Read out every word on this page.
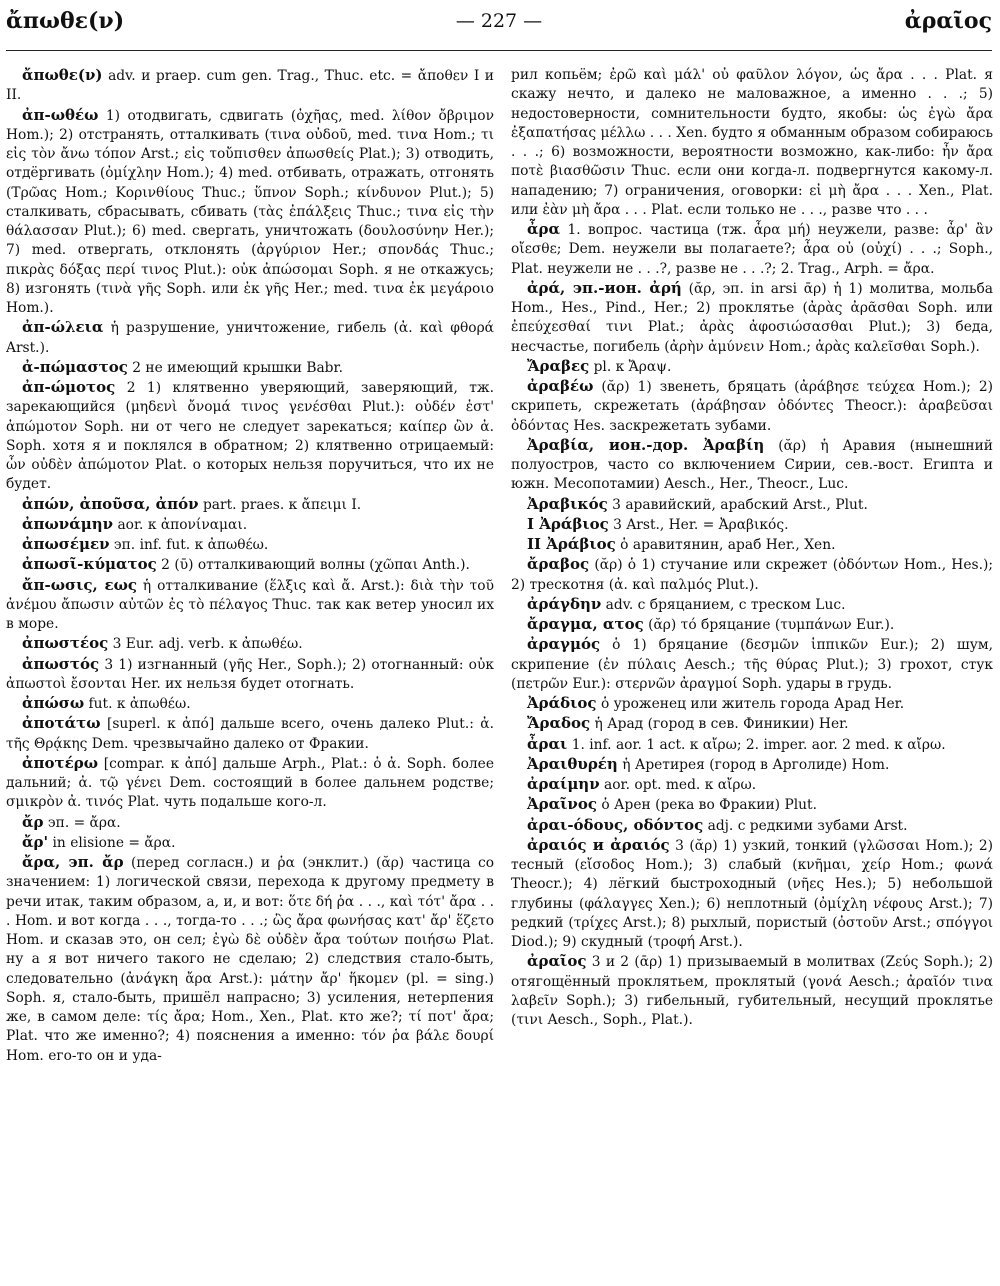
ἄπωθε(ν)	— 227 —	ἀραῖος

ἄπωθε(ν) adv. и praep. cum gen. Trag., Thuc. etc. = ἄποθεν I и II.

ἀπ-ωθέω 1) отодвигать, сдвигать (ὀχῆας, med. λίθον ὄβριμον Hom.); 2) отстранять, отталкивать (τινα οὐδοῦ, med. τινα Hom.; τι εἰς τὸν ἄνω τόπον Arst.; εἰς τοὔπισθεν ἀπωσθείς Plat.); 3) отводить, отдёргивать (ὀμίχλην Hom.); 4) med. отбивать, отражать, отгонять (Τρῶας Hom.; Κορινθίους Thuc.; ὕπνον Soph.; κίνδυνον Plut.); 5) сталкивать, сбрасывать, сбивать (τὰς ἐπάλξεις Thuc.; τινα εἰς τὴν θάλασσαν Plut.); 6) med. свергать, уничтожать (δουλοσύνην Her.); 7) med. отвергать, отклонять (ἀργύριον Her.; σπονδάς Thuc.; πικρὰς δόξας περί τινος Plut.): οὐκ ἀπώσομαι Soph. я не откажусь; 8) изгонять (τινὰ γῆς Soph. или ἐκ γῆς Her.; med. τινα ἐκ μεγάροιο Hom.).

ἀπ-ώλεια ἡ разрушение, уничтожение, гибель (ἀ. καὶ φθορά Arst.).

ἀ-πώμαστος 2 не имеющий крышки Babr.

ἀπ-ώμοτος 2 1) клятвенно уверяющий, заверяющий, тж. зарекающийся (μηδενὶ ὄνομά τινος γενέσθαι Plut.): οὐδέν ἐστ' ἀπώμοτον Soph. ни от чего не следует зарекаться; καίπερ ὢν ἀ. Soph. хотя я и поклялся в обратном; 2) клятвенно отрицаемый: ὧν οὐδὲν ἀπώμοτον Plat. о которых нельзя поручиться, что их не будет.

ἀπών, ἀποῦσα, ἀπόν part. praes. к ἄπειμι I.

ἀπωνάμην aor. к ἀπονίναμαι.

ἀπωσέμεν эп. inf. fut. к ἀπωθέω.

ἀπωσῖ-κύματος 2 (ῡ) отталкивающий волны (χῶπαι Anth.).

ἄπ-ωσις, εως ἡ отталкивание (ἕλξις καὶ ἄ. Arst.): διὰ τὴν τοῦ ἀνέμου ἄπωσιν αὐτῶν ἐς τὸ πέλαγος Thuc. так как ветер уносил их в море.

ἀπωστέος 3 Eur. adj. verb. к ἀπωθέω.

ἀπωστός 3 1) изгнанный (γῆς Her., Soph.); 2) отогнанный: οὐκ ἀπωστοὶ ἔσονται Her. их нельзя будет отогнать.

ἀπώσω fut. к ἀπωθέω.

ἀποτάτω [superl. к ἀπό] дальше всего, очень далеко Plut.: ἀ. τῆς Θρᾴκης Dem. чрезвычайно далеко от Фракии.

ἀποτέρω [compar. к ἀπό] дальше Arph., Plat.: ὁ ἀ. Soph. более дальний; ἀ. τῷ γένει Dem. состоящий в более дальнем родстве; σμικρὸν ἀ. τινός Plat. чуть подальше кого-л.

ἄρ эп. = ἄρα.

ἄρ' in elisione = ἄρα.

ἄρα, эп. ἄρ (перед согласн.) и ῥα (энклит.) (ᾰρ) частица со значением: 1) логической связи, перехода к другому предмету в речи итак, таким образом, а, и, и вот: ὅτε δή ῥα . . ., καὶ τότ' ἄρα . . . Hom. и вот когда . . ., тогда-то . . .; ὣς ἄρα φωνήσας κατ' ἄρ' ἕζετο Hom. и сказав это, он сел; ἐγὼ δὲ οὐδὲν ἄρα τούτων ποιήσω Plat. ну а я вот ничего такого не сделаю; 2) следствия стало-быть, следовательно (ἀνάγκη ἄρα Arst.): μάτην ἄρ' ἥκομεν (pl. = sing.) Soph. я, стало-быть, пришёл напрасно; 3) усиления, нетерпения же, в самом деле: τίς ἄρα; Hom., Xen., Plat. кто же?; τί ποτ' ἄρα; Plat. что же именно?; 4) пояснения а именно: τόν ῥα βάλε δουρί Hom. его-то он и уда-

рил копьём; ἐρῶ καὶ μάλ' οὐ φαῦλον λόγον, ὡς ἄρα . . . Plat. я скажу нечто, и далеко не маловажное, а именно . . .; 5) недостоверности, сомнительности будто, якобы: ὡς ἐγὼ ἄρα ἐξαπατήσας μέλλω . . . Xen. будто я обманным образом собираюсь . . .; 6) возможности, вероятности возможно, как-либо: ἦν ἄρα ποτὲ βιασθῶσιν Thuc. если они когда-л. подвергнутся какому-л. нападению; 7) ограничения, оговорки: εἰ μὴ ἄρα . . . Xen., Plat. или ἐὰν μὴ ἄρα . . . Plat. если только не . . ., разве что . . .

ἆρα 1. вопрос. частица (тж. ἆρα μή) неужели, разве: ἆρ' ἂν οἴεσθε; Dem. неужели вы полагаете?; ἆρα οὐ (οὐχί) . . .; Soph., Plat. неужели не . . .?, разве не . . .?; 2. Trag., Arph. = ἄρα.

ἀρά, эп.-ион. ἀρή (ᾰρ, эп. in arsi ᾱρ) ἡ 1) молитва, мольба Hom., Hes., Pind., Her.; 2) проклятье (ἀρὰς ἀρᾶσθαι Soph. или ἐπεύχεσθαί τινι Plat.; ἀρὰς ἀφοσιώσασθαι Plut.); 3) беда, несчастье, погибель (ἀρὴν ἀμύνειν Hom.; ἀρὰς καλεῖσθαι Soph.).

Ἄραβες pl. к Ἄραψ.

ἀραβέω (ᾰρ) 1) звенеть, бряцать (ἀράβησε τεύχεα Hom.); 2) скрипеть, скрежетать (ἀράβησαν ὀδόντες Theocr.): ἀραβεῦσαι ὀδόντας Hes. заскрежетать зубами.

Ἀραβία, ион.-дор. Ἀραβίη (ᾰρ) ἡ Аравия (нынешний полуостров, часто со включением Сирии, сев.-вост. Египта и южн. Месопотамии) Aesch., Her., Theocr., Luc.

Ἀραβικός 3 аравийский, арабский Arst., Plut.

I Ἀράβιος 3 Arst., Her. = Ἀραβικός.

II Ἀράβιος ὁ аравитянин, араб Her., Xen.

ἄραβος (ᾰρ) ὁ 1) стучание или скрежет (ὀδόντων Hom., Hes.); 2) трескотня (ἀ. καὶ παλμός Plut.).

ἀράγδην adv. с бряцанием, с треском Luc.

ἄραγμα, ατος (ᾰρ) τό бряцание (τυμπάνων Eur.).

ἀραγμός ὁ 1) бряцание (δεσμῶν ἱππικῶν Eur.); 2) шум, скрипение (ἐν πύλαις Aesch.; τῆς θύρας Plut.); 3) грохот, стук (πετρῶν Eur.): στερνῶν ἀραγμοί Soph. удары в грудь.

Ἀράδιος ὁ уроженец или житель города Арад Her.

Ἄραδος ἡ Арад (город в сев. Финикии) Her.

ἆραι 1. inf. aor. 1 act. к αἴρω; 2. imper. aor. 2 med. к αἴρω.

Ἀραιθυρέη ἡ Аретирея (город в Арголиде) Hom.

ἀραίμην aor. opt. med. к αἴρω.

Ἀραῖνος ὁ Арен (река во Фракии) Plut.

ἀραι-όδους, οδόντος adj. с редкими зубами Arst.

ἀραιός и ἀραιός 3 (ᾰρ) 1) узкий, тонкий (γλῶσσαι Hom.); 2) тесный (εἴσοδος Hom.); 3) слабый (κνῆμαι, χείρ Hom.; φωνά Theocr.); 4) лёгкий быстроходный (νῆες Hes.); 5) небольшой глубины (φάλαγγες Xen.); 6) неплотный (ὀμίχλη νέφους Arst.); 7) редкий (τρίχες Arst.); 8) рыхлый, пористый (ὀστοῦν Arst.; σπόγγοι Diod.); 9) скудный (τροφή Arst.).

ἀραῖος 3 и 2 (ᾱρ) 1) призываемый в молитвах (Ζεύς Soph.); 2) отягощённый проклятьем, проклятый (γονά Aesch.; ἀραῖόν τινα λαβεῖν Soph.); 3) гибельный, губительный, несущий проклятье (τινι Aesch., Soph., Plat.).
